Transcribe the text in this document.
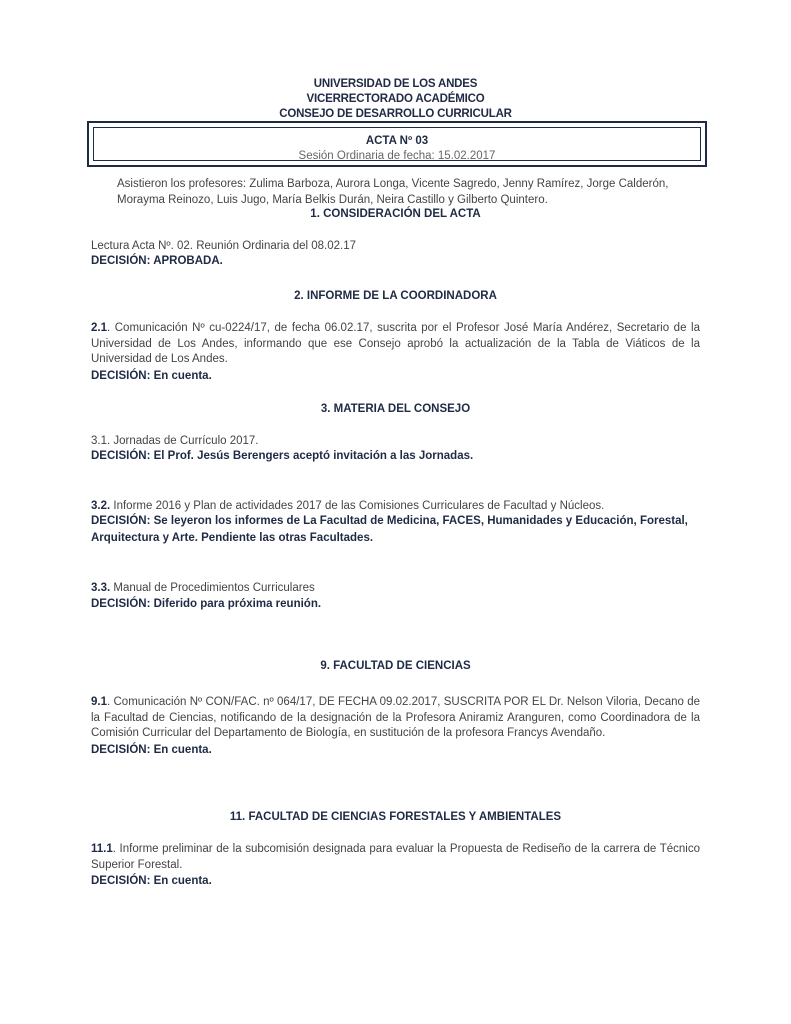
UNIVERSIDAD DE LOS ANDES
VICERRECTORADO ACADÉMICO
CONSEJO DE DESARROLLO CURRICULAR
ACTA Nº 03
Sesión Ordinaria de fecha: 15.02.2017
Asistieron los profesores: Zulima Barboza, Aurora Longa, Vicente Sagredo, Jenny Ramírez, Jorge Calderón, Morayma Reinozo, Luis Jugo, María Belkis Durán, Neira Castillo y Gilberto Quintero.
1. CONSIDERACIÓN DEL ACTA
Lectura Acta Nº. 02. Reunión Ordinaria del 08.02.17
DECISIÓN: APROBADA.
2. INFORME DE LA COORDINADORA
2.1. Comunicación Nº cu-0224/17, de fecha 06.02.17, suscrita por el Profesor José María Andérez, Secretario de la Universidad de Los Andes, informando que ese Consejo aprobó la actualización de la Tabla de Viáticos de la Universidad de Los Andes.
DECISIÓN: En cuenta.
3. MATERIA DEL CONSEJO
3.1. Jornadas de Currículo 2017.
DECISIÓN: El Prof. Jesús Berengers aceptó invitación a las Jornadas.
3.2. Informe 2016 y Plan de actividades 2017 de las Comisiones Curriculares de Facultad y Núcleos.
DECISIÓN: Se leyeron los informes de La Facultad de Medicina, FACES, Humanidades y Educación, Forestal, Arquitectura y Arte. Pendiente las otras Facultades.
3.3. Manual de Procedimientos Curriculares
DECISIÓN: Diferido para próxima reunión.
9. FACULTAD DE CIENCIAS
9.1. Comunicación Nº CON/FAC. nº 064/17, DE FECHA 09.02.2017, SUSCRITA POR EL Dr. Nelson Viloria, Decano de la Facultad de Ciencias, notificando de la designación de la Profesora Aniramiz Aranguren, como Coordinadora de la Comisión Curricular del Departamento de Biología, en sustitución de la profesora Francys Avendaño.
DECISIÓN: En cuenta.
11. FACULTAD DE CIENCIAS FORESTALES Y AMBIENTALES
11.1. Informe preliminar de la subcomisión designada para evaluar la Propuesta de Rediseño de la carrera de Técnico Superior Forestal.
DECISIÓN: En cuenta.
